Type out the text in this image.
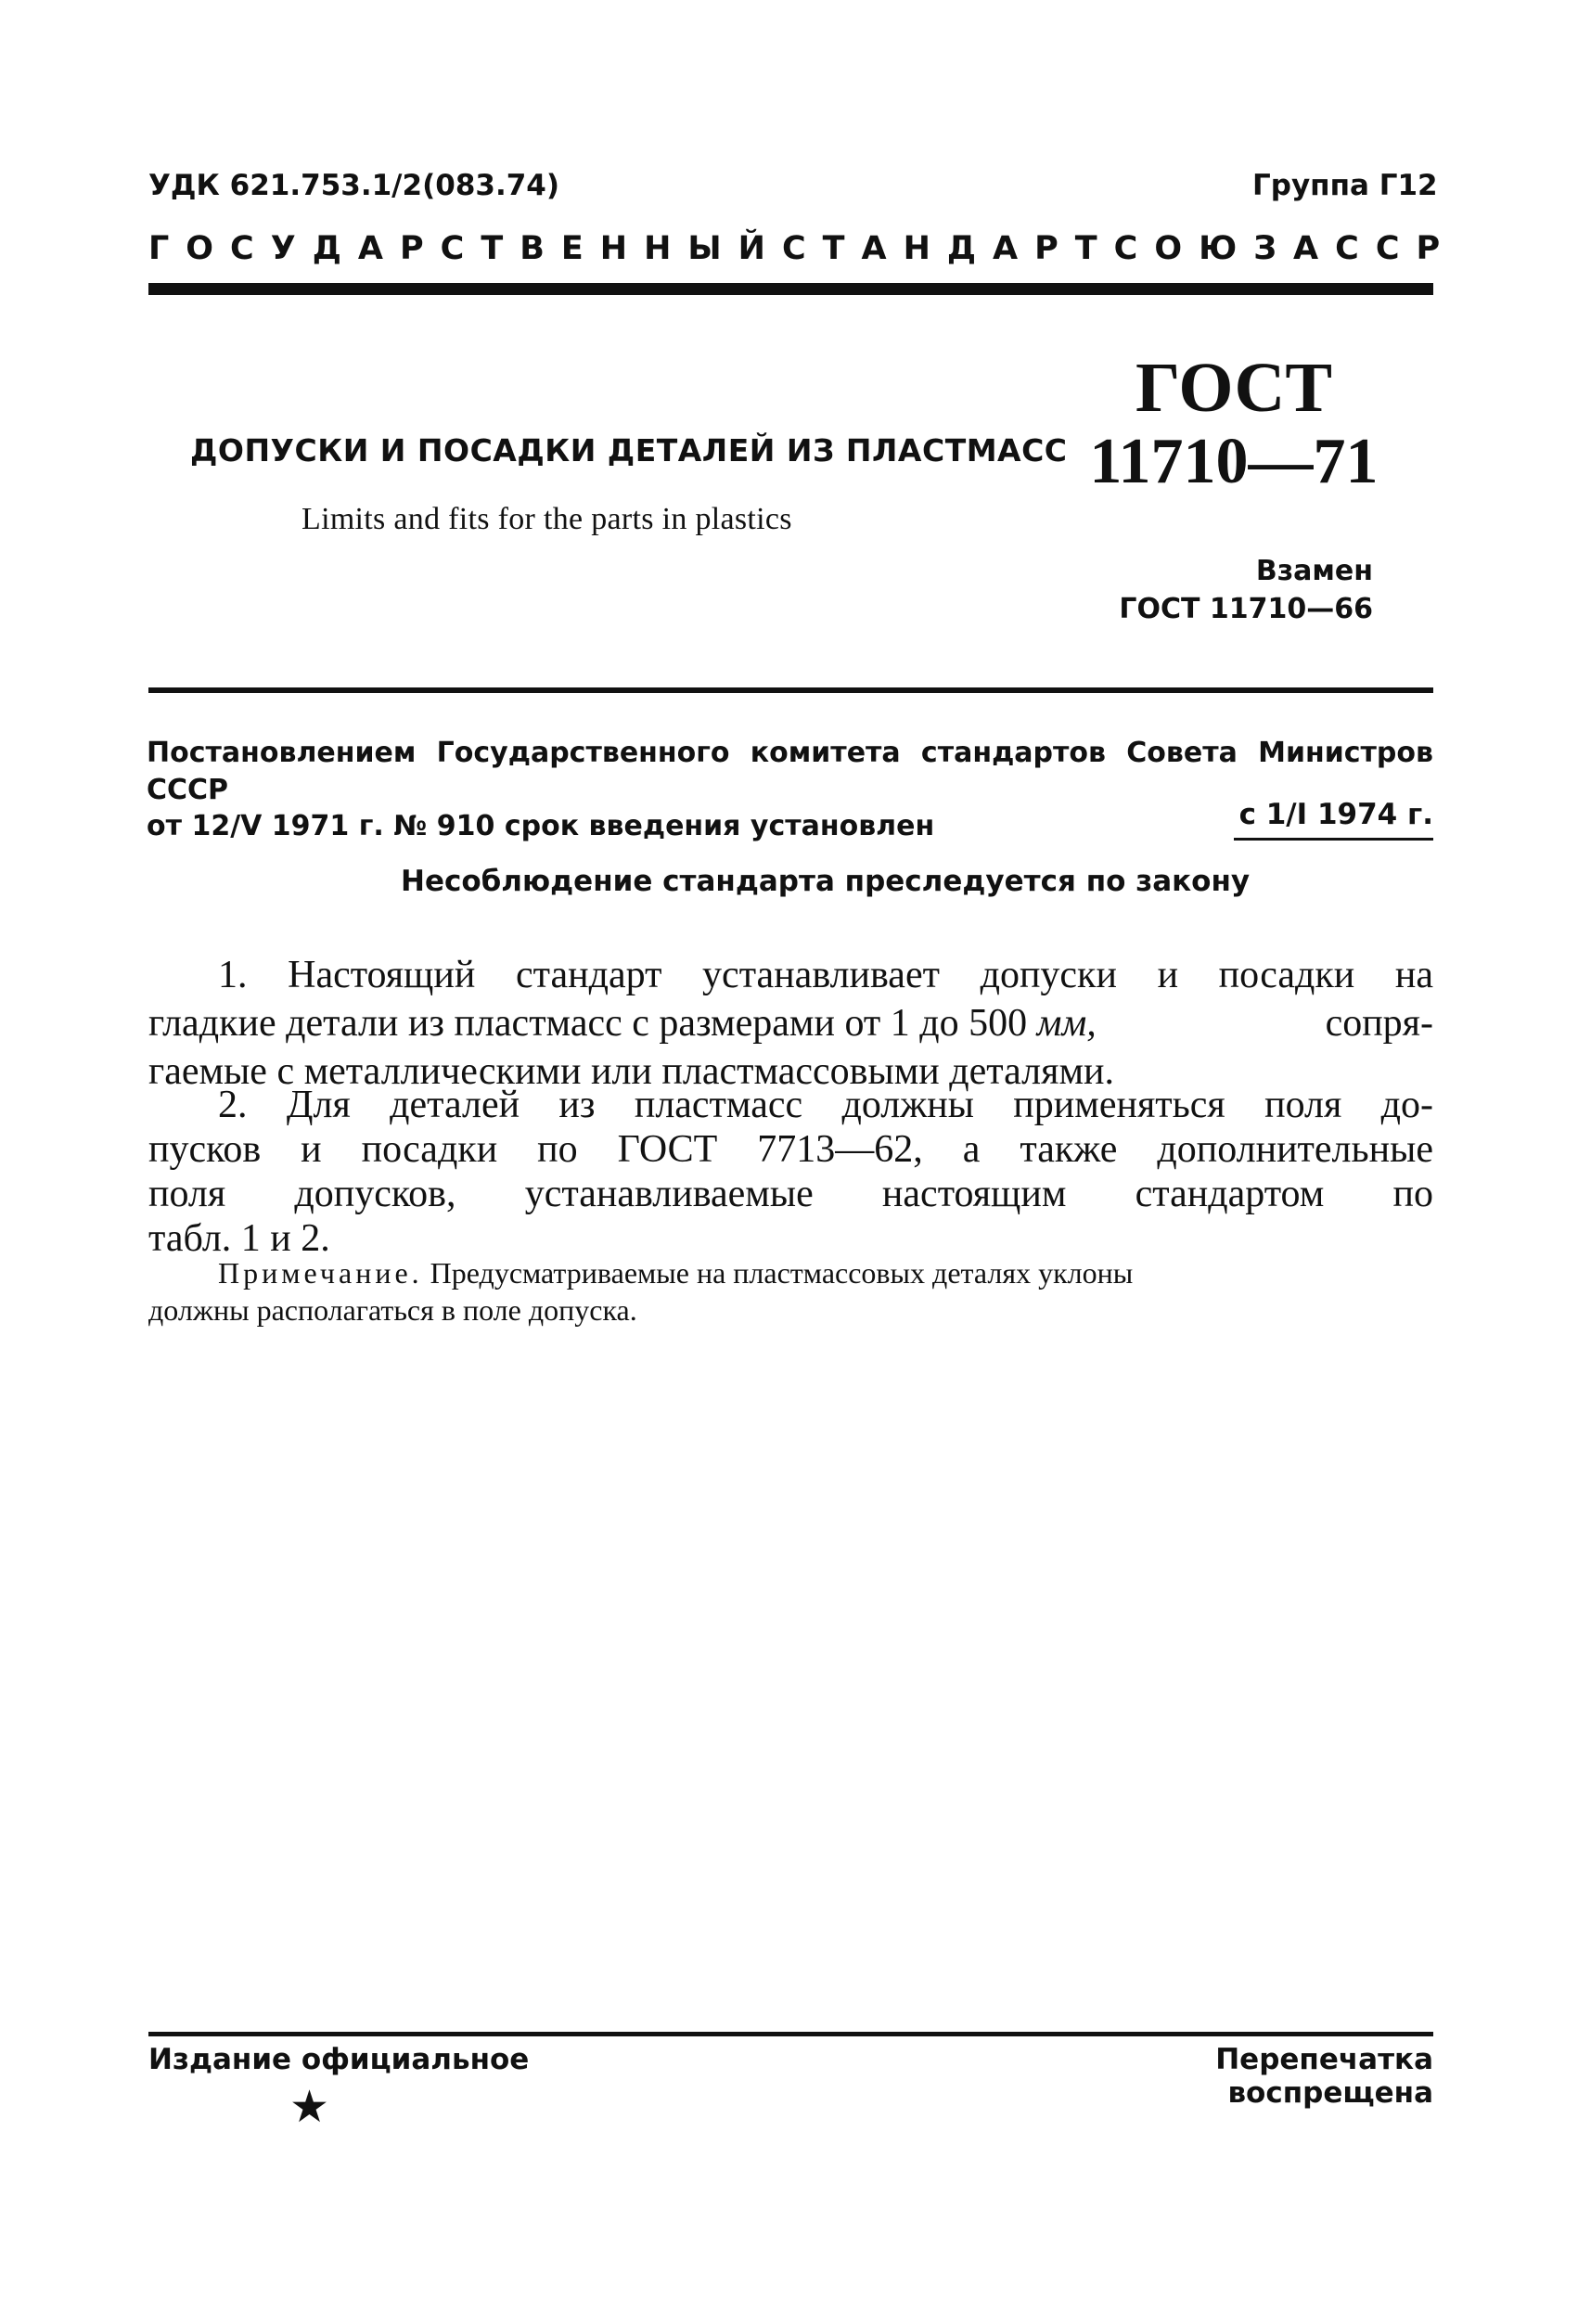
УДК 621.753.1/2(083.74)	Группа Г12
ГОСУДАРСТВЕННЫЙ СТАНДАРТ СОЮЗА ССР
ДОПУСКИ И ПОСАДКИ ДЕТАЛЕЙ ИЗ ПЛАСТМАСС
Limits and fits for the parts in plastics
ГОСТ
11710—71
Взамен
ГОСТ 11710—66
Постановлением Государственного комитета стандартов Совета Министров СССР
от 12/V 1971 г. № 910 срок введения установлен	с 1/I 1974 г.
Несоблюдение стандарта преследуется по закону
1. Настоящий стандарт устанавливает допуски и посадки на
гладкие детали из пластмасс с размерами от 1 до 500 мм,	сопря-
гаемые с металлическими или пластмассовыми деталями.
2. Для деталей из пластмасс должны применяться поля до-
пусков и посадки по ГОСТ 7713—62, а также дополнительные
поля допусков, устанавливаемые настоящим стандартом по
табл. 1 и 2.
Примечание. Предусматриваемые на пластмассовых деталях уклоны
должны располагаться в поле допуска.
Издание официальное	Перепечатка воспрещена
★
